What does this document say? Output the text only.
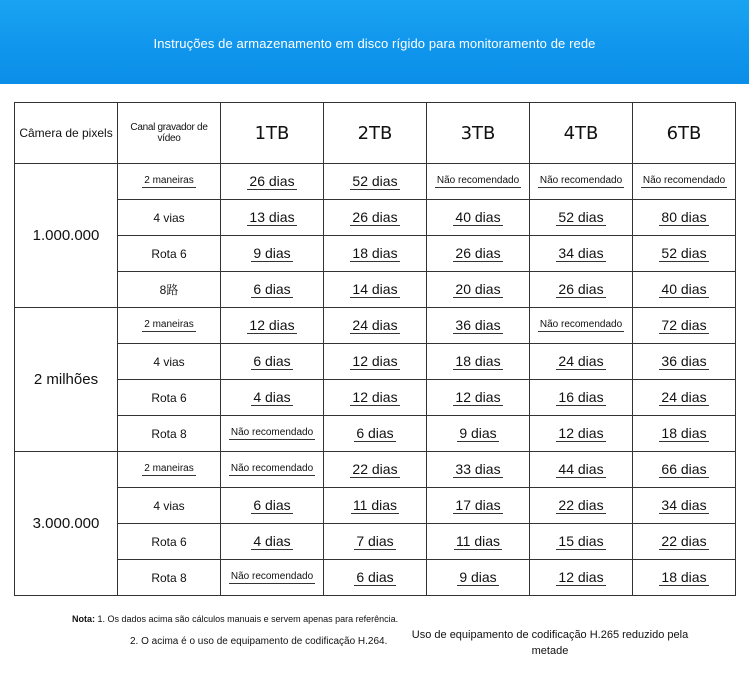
Instruções de armazenamento em disco rígido para monitoramento de rede
Câmera de pixels	Canal gravador de vídeo	1TB	2TB	3TB	4TB	6TB
1.000.000	2 maneiras	26 dias	52 dias	Não recomendado	Não recomendado	Não recomendado
	4 vias	13 dias	26 dias	40 dias	52 dias	80 dias
	Rota 6	9 dias	18 dias	26 dias	34 dias	52 dias
	8路	6 dias	14 dias	20 dias	26 dias	40 dias
2 milhões	2 maneiras	12 dias	24 dias	36 dias	Não recomendado	72 dias
	4 vias	6 dias	12 dias	18 dias	24 dias	36 dias
	Rota 6	4 dias	12 dias	12 dias	16 dias	24 dias
	Rota 8	Não recomendado	6 dias	9 dias	12 dias	18 dias
3.000.000	2 maneiras	Não recomendado	22 dias	33 dias	44 dias	66 dias
	4 vias	6 dias	11 dias	17 dias	22 dias	34 dias
	Rota 6	4 dias	7 dias	11 dias	15 dias	22 dias
	Rota 8	Não recomendado	6 dias	9 dias	12 dias	18 dias
Nota: 1. Os dados acima são cálculos manuais e servem apenas para referência.
2. O acima é o uso de equipamento de codificação H.264.
Uso de equipamento de codificação H.265 reduzido pela metade
